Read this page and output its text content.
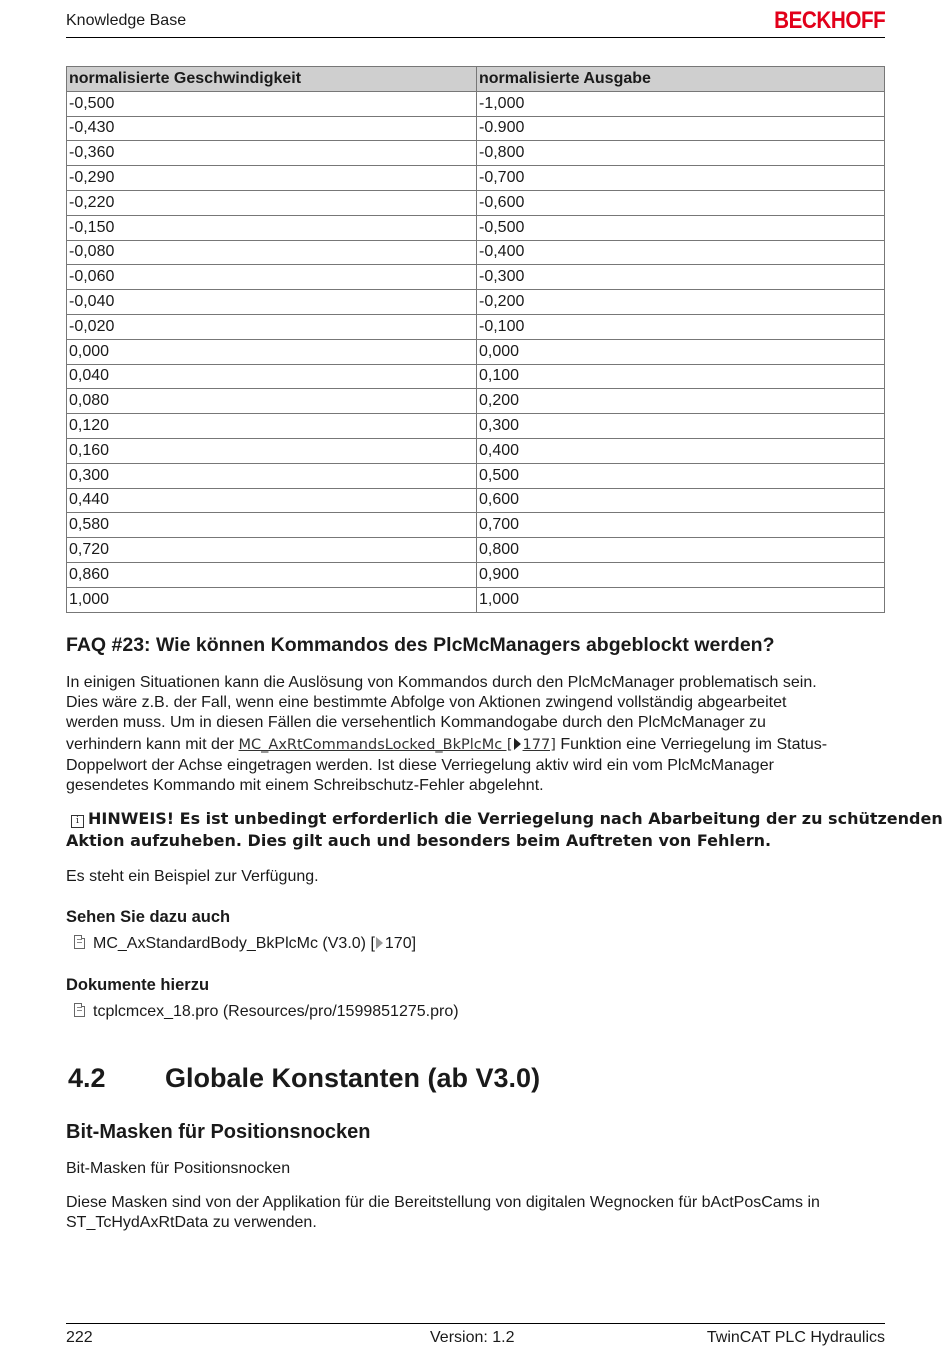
Knowledge Base	BECKHOFF
normalisierte Geschwindigkeit	normalisierte Ausgabe
-0,500	-1,000
-0,430	-0.900
-0,360	-0,800
-0,290	-0,700
-0,220	-0,600
-0,150	-0,500
-0,080	-0,400
-0,060	-0,300
-0,040	-0,200
-0,020	-0,100
0,000	0,000
0,040	0,100
0,080	0,200
0,120	0,300
0,160	0,400
0,300	0,500
0,440	0,600
0,580	0,700
0,720	0,800
0,860	0,900
1,000	1,000
FAQ #23: Wie können Kommandos des PlcMcManagers abgeblockt werden?
In einigen Situationen kann die Auslösung von Kommandos durch den PlcMcManager problematisch sein.
Dies wäre z.B. der Fall, wenn eine bestimmte Abfolge von Aktionen zwingend vollständig abgearbeitet
werden muss. Um in diesen Fällen die versehentlich Kommandogabe durch den PlcMcManager zu
verhindern kann mit der MC_AxRtCommandsLocked_BkPlcMc [ 177] Funktion eine Verriegelung im Status-
Doppelwort der Achse eingetragen werden. Ist diese Verriegelung aktiv wird ein vom PlcMcManager
gesendetes Kommando mit einem Schreibschutz-Fehler abgelehnt.
i HINWEIS! Es ist unbedingt erforderlich die Verriegelung nach Abarbeitung der zu schützenden
Aktion aufzuheben. Dies gilt auch und besonders beim Auftreten von Fehlern.
Es steht ein Beispiel zur Verfügung.
Sehen Sie dazu auch
MC_AxStandardBody_BkPlcMc (V3.0) [ 170]
Dokumente hierzu
tcplcmcex_18.pro (Resources/pro/1599851275.pro)
4.2 Globale Konstanten (ab V3.0)
Bit-Masken für Positionsnocken
Bit-Masken für Positionsnocken
Diese Masken sind von der Applikation für die Bereitstellung von digitalen Wegnocken für bActPosCams in
ST_TcHydAxRtData zu verwenden.
222	Version: 1.2	TwinCAT PLC Hydraulics
